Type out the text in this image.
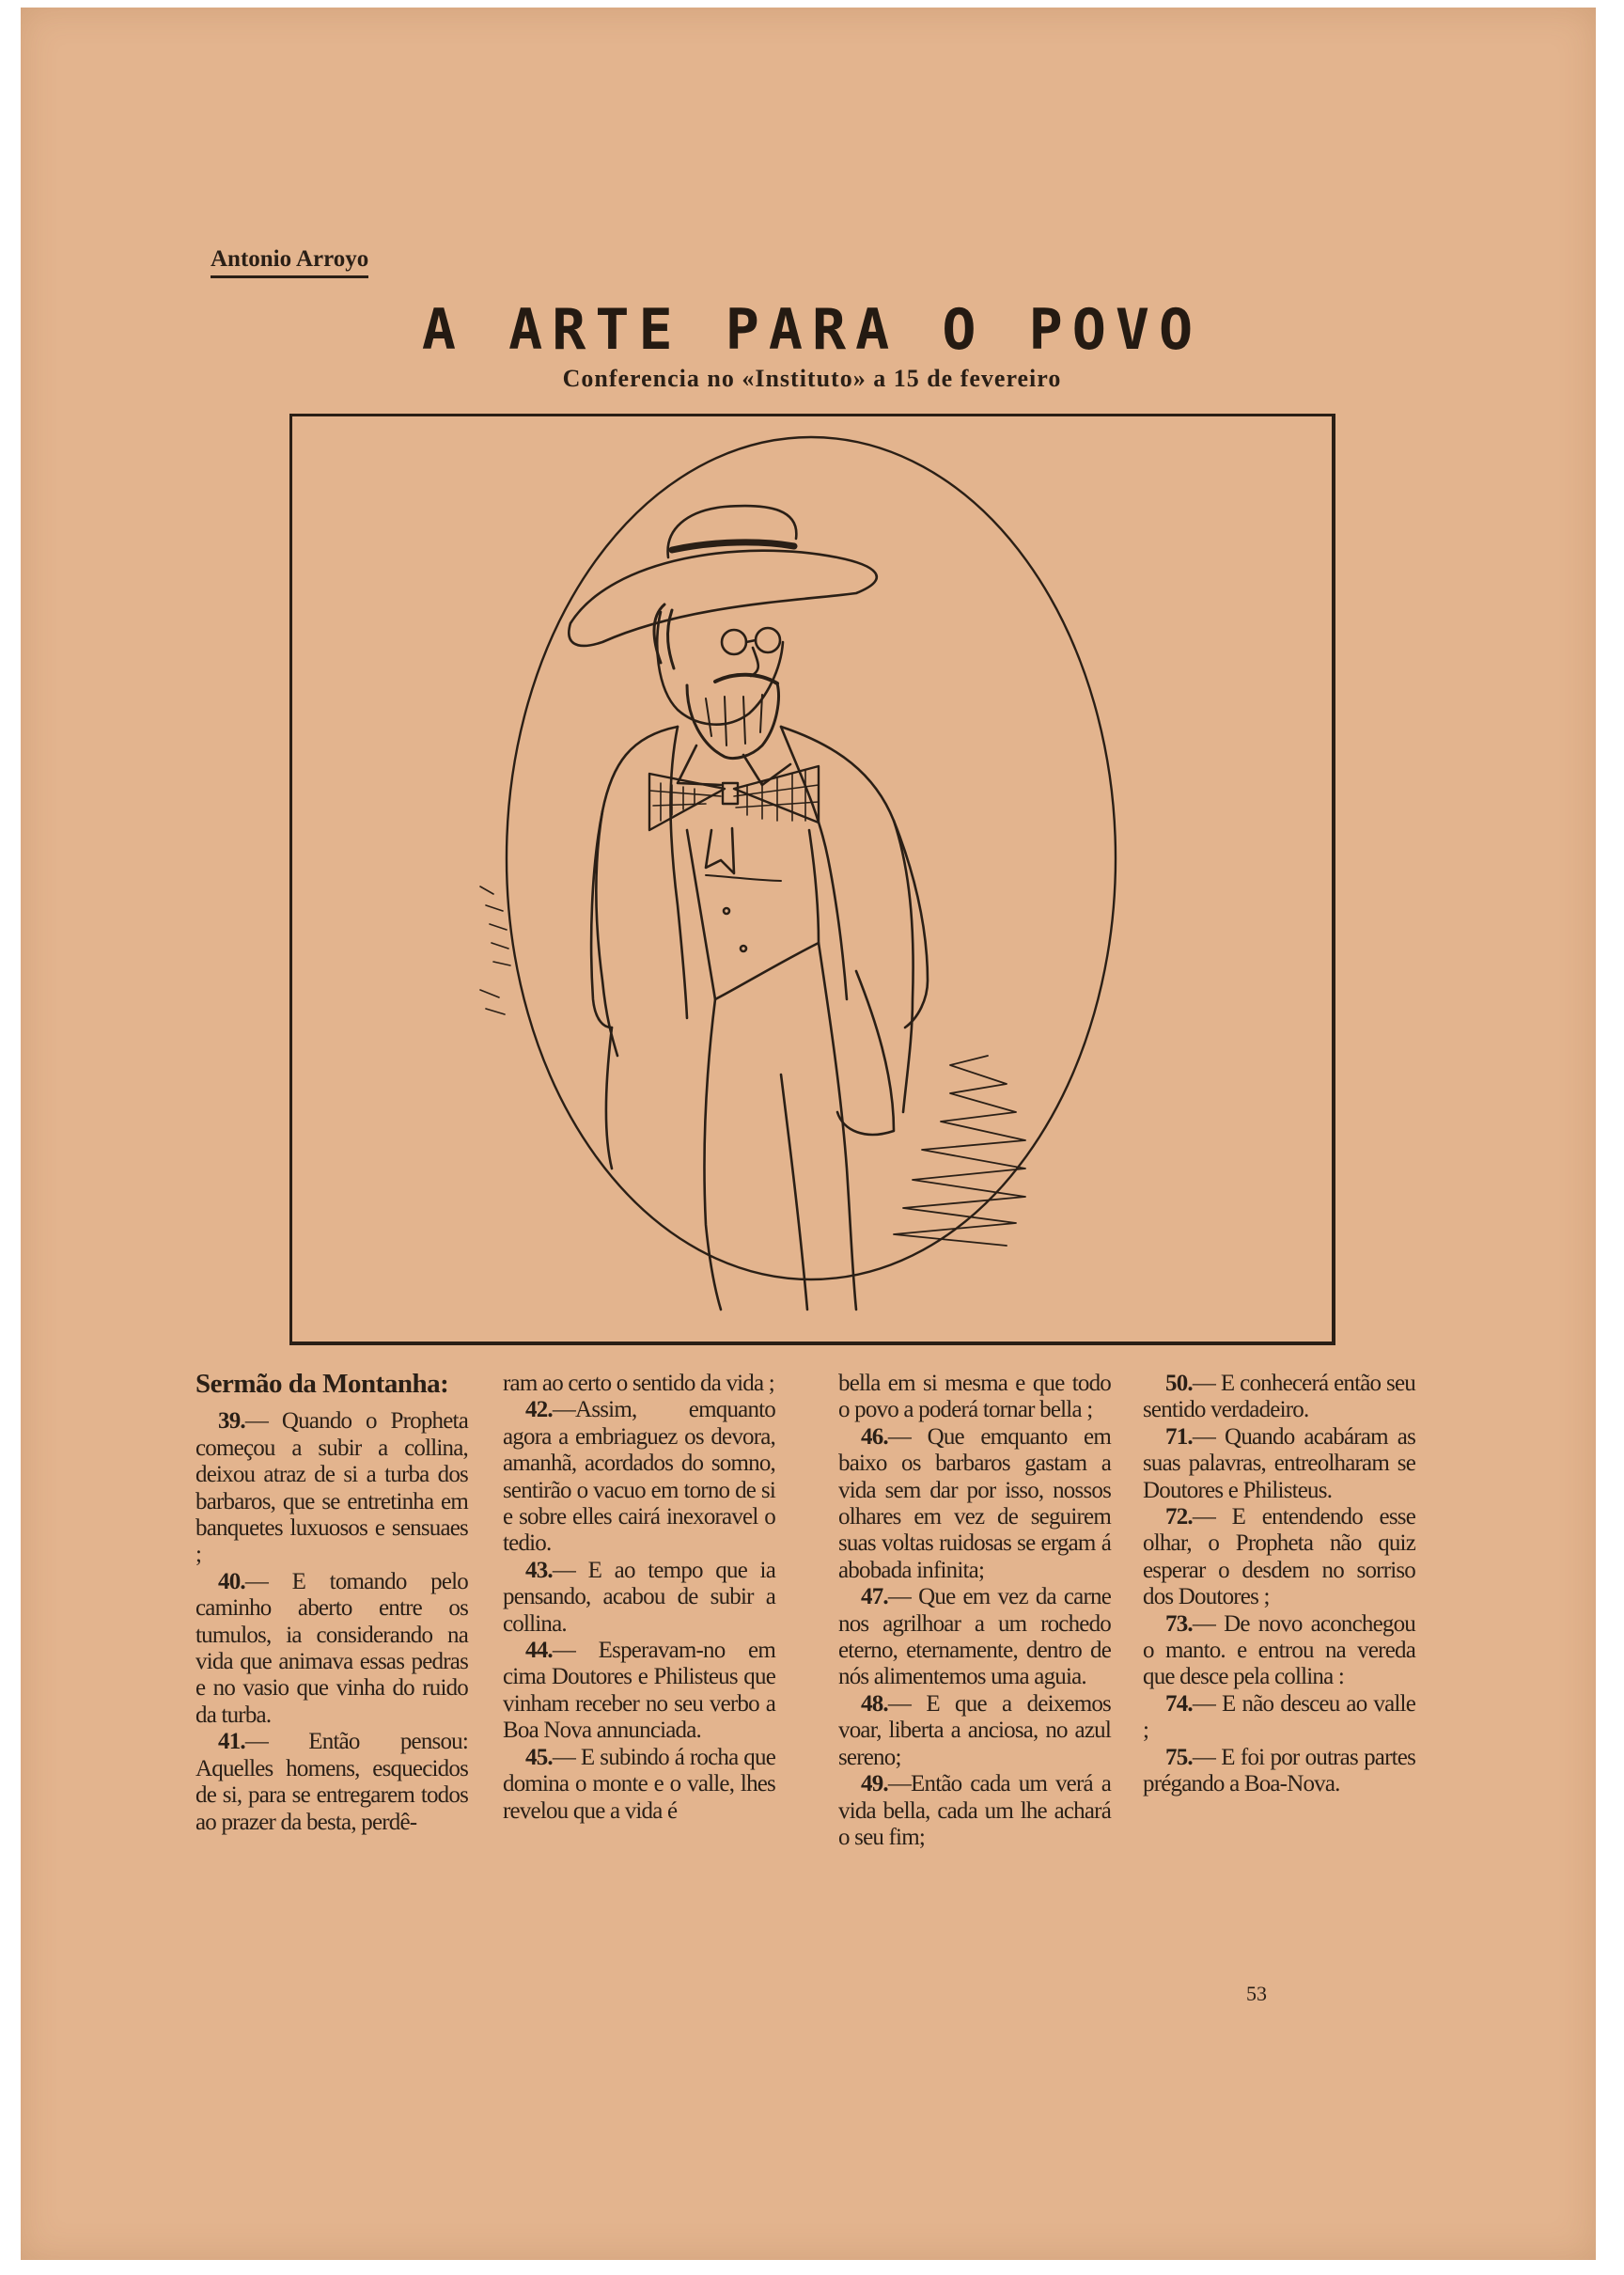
Antonio Arroyo
A ARTE PARA O POVO
Conferencia no «Instituto» a 15 de fevereiro
Sermão da Montanha:

39.— Quando o Propheta começou a subir a collina, deixou atraz de si a turba dos barbaros, que se entretinha em banquetes luxuosos e sensuaes ;

40.— E tomando pelo caminho aberto entre os tumulos, ia considerando na vida que animava essas pedras e no vasio que vinha do ruido da turba.

41.— Então pensou: Aquelles homens, esquecidos de si, para se entregarem todos ao prazer da besta, perdê-

ram ao certo o sentido da vida ;

42.—Assim, emquanto agora a embriaguez os devora, amanhã, acordados do somno, sentirão o vacuo em torno de si e sobre elles cairá inexoravel o tedio.

43.— E ao tempo que ia pensando, acabou de subir a collina.

44.— Esperavam-no em cima Doutores e Philisteus que vinham receber no seu verbo a Boa Nova annunciada.

45.— E subindo á rocha que domina o monte e o valle, lhes revelou que a vida é

bella em si mesma e que todo o povo a poderá tornar bella ;

46.— Que emquanto em baixo os barbaros gastam a vida sem dar por isso, nossos olhares em vez de seguirem suas voltas ruidosas se ergam á abobada infinita;

47.— Que em vez da carne nos agrilhoar a um rochedo eterno, eternamente, dentro de nós alimentemos uma aguia.

48.— E que a deixemos voar, liberta a anciosa, no azul sereno;

49.—Então cada um verá a vida bella, cada um lhe achará o seu fim;

50.— E conhecerá então seu sentido verdadeiro.

71.— Quando acabáram as suas palavras, entreolharam se Doutores e Philisteus.

72.— E entendendo esse olhar, o Propheta não quiz esperar o desdem no sorriso dos Doutores ;

73.— De novo aconchegou o manto. e entrou na vereda que desce pela collina :

74.— E não desceu ao valle ;

75.— E foi por outras partes prégando a Boa-Nova.

53
